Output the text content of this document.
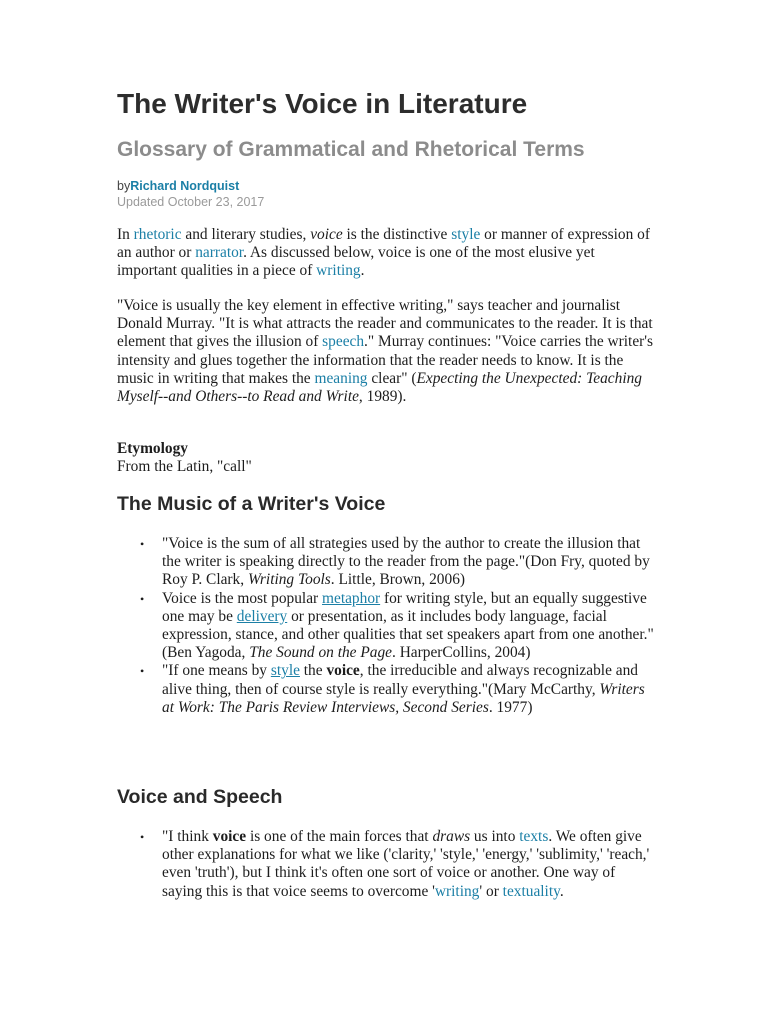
The Writer's Voice in Literature
Glossary of Grammatical and Rhetorical Terms
byRichard Nordquist
Updated October 23, 2017

In rhetoric and literary studies, voice is the distinctive style or manner of expression of an author or narrator. As discussed below, voice is one of the most elusive yet important qualities in a piece of writing.

"Voice is usually the key element in effective writing," says teacher and journalist Donald Murray. "It is what attracts the reader and communicates to the reader. It is that element that gives the illusion of speech." Murray continues: "Voice carries the writer's intensity and glues together the information that the reader needs to know. It is the music in writing that makes the meaning clear" (Expecting the Unexpected: Teaching Myself--and Others--to Read and Write, 1989).

Etymology
From the Latin, "call"
The Music of a Writer's Voice
• "Voice is the sum of all strategies used by the author to create the illusion that the writer is speaking directly to the reader from the page."(Don Fry, quoted by Roy P. Clark, Writing Tools. Little, Brown, 2006)
• Voice is the most popular metaphor for writing style, but an equally suggestive one may be delivery or presentation, as it includes body language, facial expression, stance, and other qualities that set speakers apart from one another."(Ben Yagoda, The Sound on the Page. HarperCollins, 2004)
• "If one means by style the voice, the irreducible and always recognizable and alive thing, then of course style is really everything."(Mary McCarthy, Writers at Work: The Paris Review Interviews, Second Series. 1977)
Voice and Speech
• "I think voice is one of the main forces that draws us into texts. We often give other explanations for what we like ('clarity,' 'style,' 'energy,' 'sublimity,' 'reach,' even 'truth'), but I think it's often one sort of voice or another. One way of saying this is that voice seems to overcome 'writing' or textuality.
